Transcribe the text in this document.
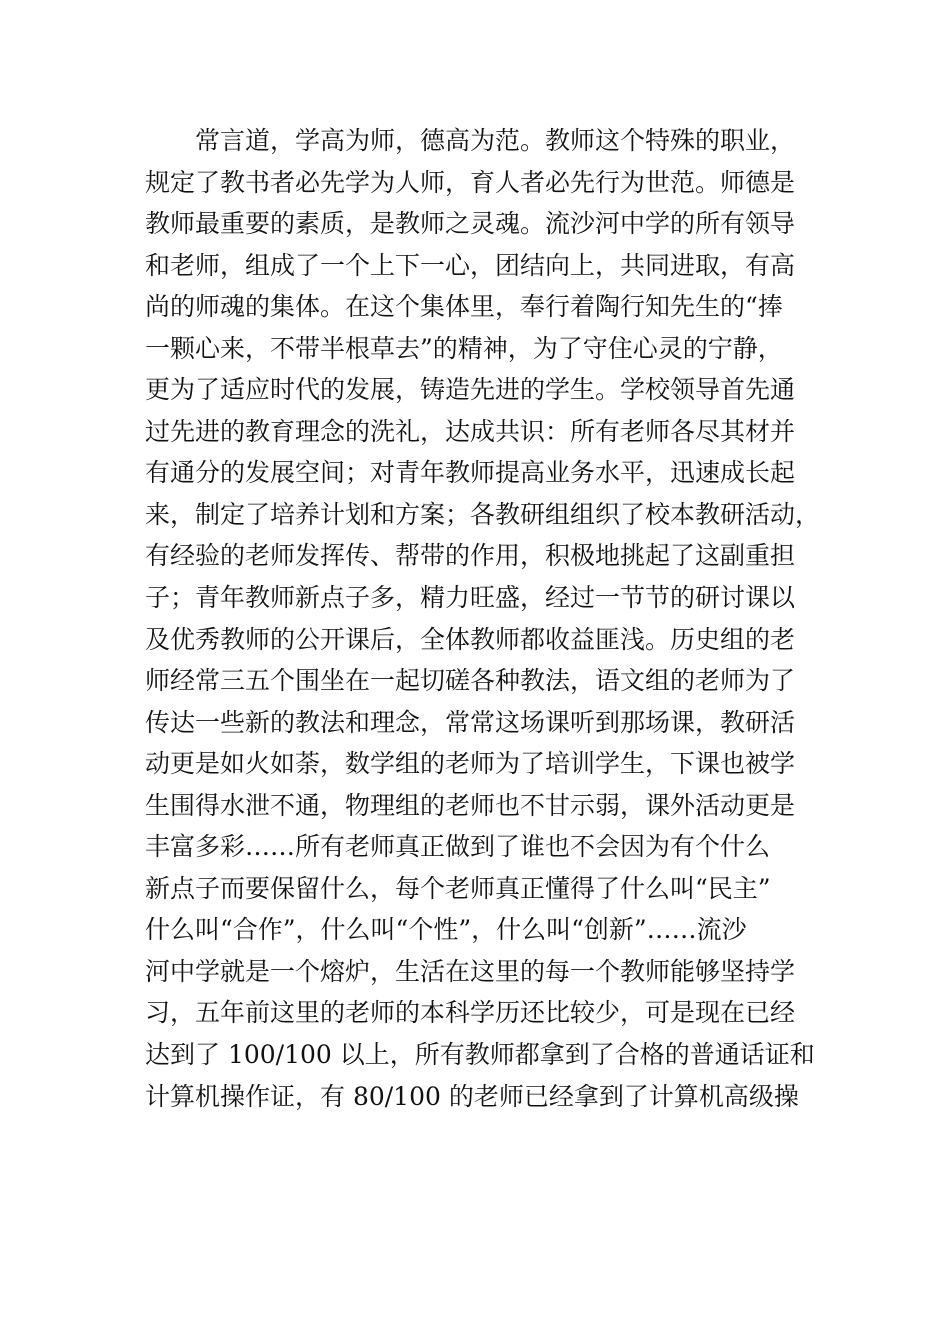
常言道，学高为师，德高为范。教师这个特殊的职业，
规定了教书者必先学为人师，育人者必先行为世范。师德是
教师最重要的素质，是教师之灵魂。流沙河中学的所有领导
和老师，组成了一个上下一心，团结向上，共同进取，有高
尚的师魂的集体。在这个集体里，奉行着陶行知先生的“捧
一颗心来，不带半根草去”的精神，为了守住心灵的宁静，
更为了适应时代的发展，铸造先进的学生。学校领导首先通
过先进的教育理念的洗礼，达成共识：所有老师各尽其材并
有通分的发展空间；对青年教师提高业务水平，迅速成长起
来，制定了培养计划和方案；各教研组组织了校本教研活动，
有经验的老师发挥传、帮带的作用，积极地挑起了这副重担
子；青年教师新点子多，精力旺盛，经过一节节的研讨课以
及优秀教师的公开课后，全体教师都收益匪浅。历史组的老
师经常三五个围坐在一起切磋各种教法，语文组的老师为了
传达一些新的教法和理念，常常这场课听到那场课，教研活
动更是如火如荼，数学组的老师为了培训学生，下课也被学
生围得水泄不通，物理组的老师也不甘示弱，课外活动更是
丰富多彩……所有老师真正做到了谁也不会因为有个什么
新点子而要保留什么，每个老师真正懂得了什么叫“民主”
什么叫“合作”，什么叫“个性”，什么叫“创新”……流沙
河中学就是一个熔炉，生活在这里的每一个教师能够坚持学
习，五年前这里的老师的本科学历还比较少，可是现在已经
达到了 100/100 以上，所有教师都拿到了合格的普通话证和
计算机操作证，有 80/100 的老师已经拿到了计算机高级操
